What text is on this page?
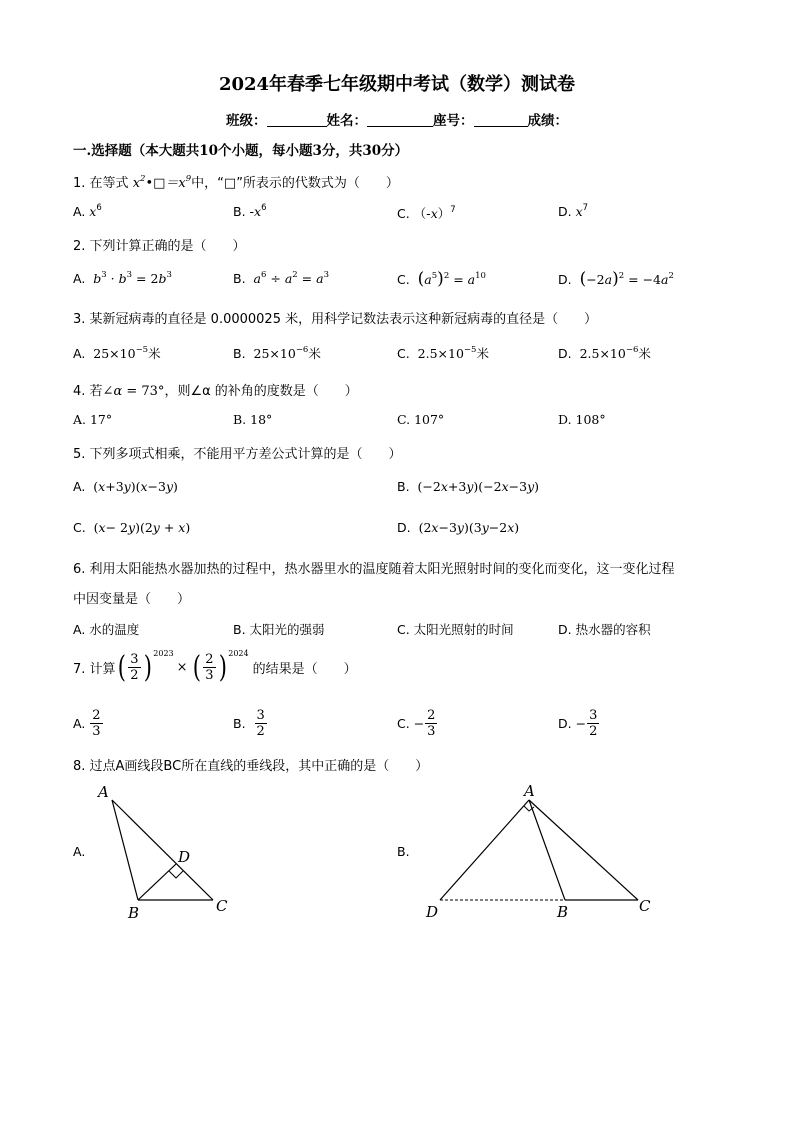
2024年春季七年级期中考试（数学）测试卷
班级：	姓名：	座号：	成绩：
一.选择题（本大题共10个小题，每小题3分，共30分）
1. 在等式 $x^2•□=x^9$中，“□”所表示的代数式为（　　）
A. $x^6$	B. $‐x^6$	C. （‐x）$^7$	D. $x^7$
2. 下列计算正确的是（　　）
A. $b^3 \cdot b^3 = 2b^3$	B. $a^6 \div a^2 = a^3$	C. $(a^5)^2 = a^{10}$	D. $(-2a)^2 = -4a^2$
3. 某新冠病毒的直径是 0.0000025 米，用科学记数法表示这种新冠病毒的直径是（　　）
A. $25\times 10^{-5}$米	B. $25\times 10^{-6}$米	C. $2.5\times 10^{-5}$米	D. $2.5\times 10^{-6}$米
4. 若∠α = 73°，则∠α 的补角的度数是（　　）
A. 17°	B. 18°	C. 107°	D. 108°
5. 下列多项式相乘，不能用平方差公式计算的是（　　）
A. (x+3y)(x−3y)	B. (−2x+3y)(−2x−3y)
C. (x− 2y)(2y + x)	D. (2x−3y)(3y−2x)
6. 利用太阳能热水器加热的过程中，热水器里水的温度随着太阳光照射时间的变化而变化，这一变化过程
中因变量是（　　）
A. 水的温度	B. 太阳光的强弱	C. 太阳光照射的时间	D. 热水器的容积
7. 计算 ( $\frac{3}{2} )^{2023}$
× ( $\frac{2}{3} )^{2024}$
的结果是（　　）
A.
$\frac{2}{3}$	B.
$\frac{3}{2}$	C.
− $\frac{2}{3}$	D.
− $\frac{3}{2}$
8. 过点A画线段BC所在直线的垂线段，其中正确的是（　　）
A.	B.
A
B	C
D
A
D	B	C
